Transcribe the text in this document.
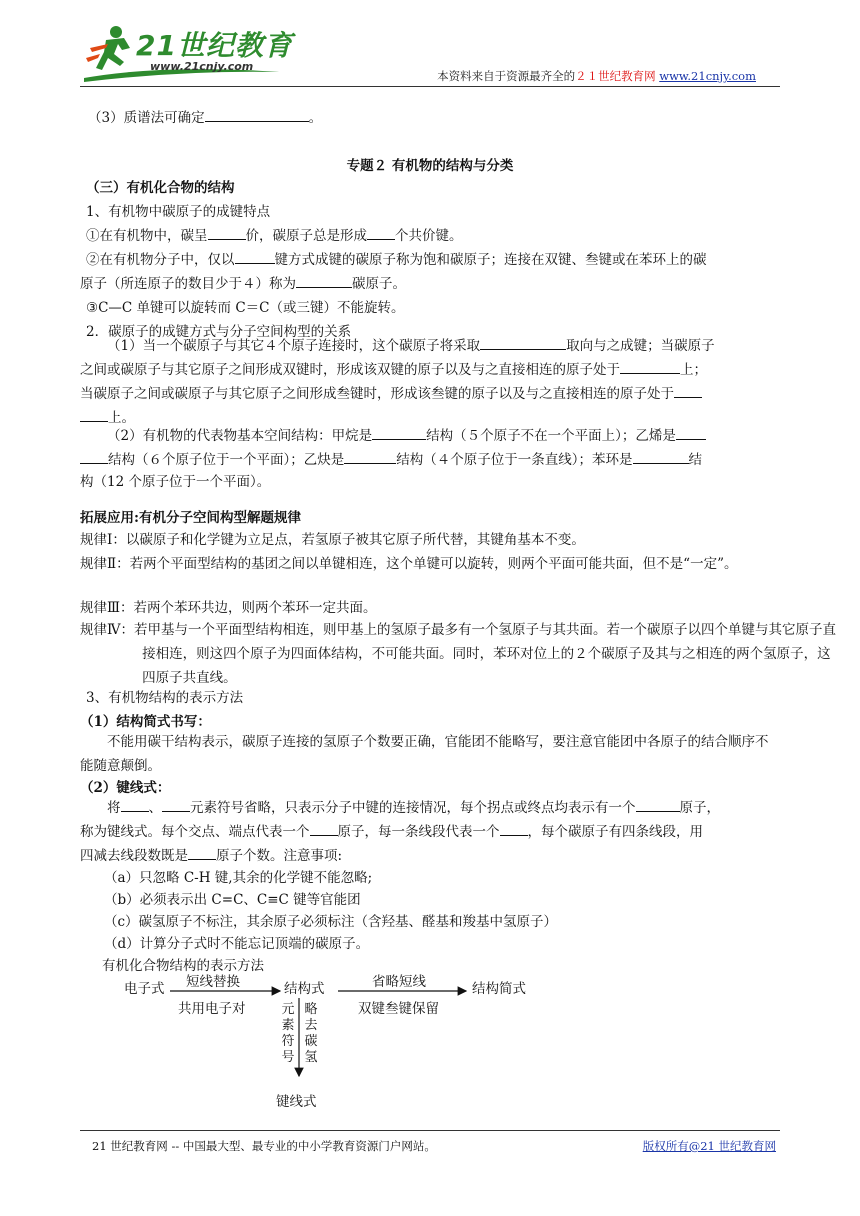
21世纪教育
www.21cnjy.com
本资料来自于资源最齐全的２１世纪教育网 www.21cnjy.com
（3）质谱法可确定	。
专题２ 有机物的结构与分类
（三）有机化合物的结构
1、有机物中碳原子的成键特点
①在有机物中，碳呈	价，碳原子总是形成 个共价键。
②在有机物分子中，仅以	键方式成键的碳原子称为饱和碳原子；连接在双键、叁键或在苯环上的碳
原子（所连原子的数目少于４）称为	碳原子。
③C—C 单键可以旋转而 C＝C（或三键）不能旋转。
2．碳原子的成键方式与分子空间构型的关系
（1）当一个碳原子与其它４个原子连接时，这个碳原子将采取	取向与之成键；当碳原子
之间或碳原子与其它原子之间形成双键时，形成该双键的原子以及与之直接相连的原子处于	上；
当碳原子之间或碳原子与其它原子之间形成叁键时，形成该叁键的原子以及与之直接相连的原子处于
上。
（2）有机物的代表物基本空间结构：甲烷是	结构（５个原子不在一个平面上）；乙烯是
结构（６个原子位于一个平面）；乙炔是	结构（４个原子位于一条直线）；苯环是	结
构（12 个原子位于一个平面）。
拓展应用:有机分子空间构型解题规律
规律Ⅰ：以碳原子和化学键为立足点，若氢原子被其它原子所代替，其键角基本不变。
规律Ⅱ：若两个平面型结构的基团之间以单键相连，这个单键可以旋转，则两个平面可能共面，但不是“一定”。
规律Ⅲ：若两个苯环共边，则两个苯环一定共面。
规律Ⅳ：若甲基与一个平面型结构相连，则甲基上的氢原子最多有一个氢原子与其共面。若一个碳原子以四个单键与其它原子直接相连，则这四个原子为四面体结构，不可能共面。同时，苯环对位上的２个碳原子及其与之相连的两个氢原子，这四原子共直线。
3、有机物结构的表示方法
（1）结构简式书写：
不能用碳干结构表示，碳原子连接的氢原子个数要正确，官能团不能略写，要注意官能团中各原子的结合顺序不能随意颠倒。
（2）键线式：
将 、 元素符号省略，只表示分子中键的连接情况，每个拐点或终点均表示有一个	原子，
称为键线式。每个交点、端点代表一个 原子，每一条线段代表一个 ，每个碳原子有四条线段，用
四减去线段数既是 原子个数。注意事项:
（a）只忽略 C-H 键,其余的化学键不能忽略;
（b）必须表示出 C=C、C≡C 键等官能团
（c）碳氢原子不标注，其余原子必须标注（含羟基、醛基和羧基中氢原子）
（d）计算分子式时不能忘记顶端的碳原子。
有机化合物结构的表示方法
电子式	结构式	结构简式
键线式
短线替换
共用电子对
省略短线
双键叁键保留
元素符号
略去碳氢
21 世纪教育网 -- 中国最大型、最专业的中小学教育资源门户网站。	版权所有@21 世纪教育网
